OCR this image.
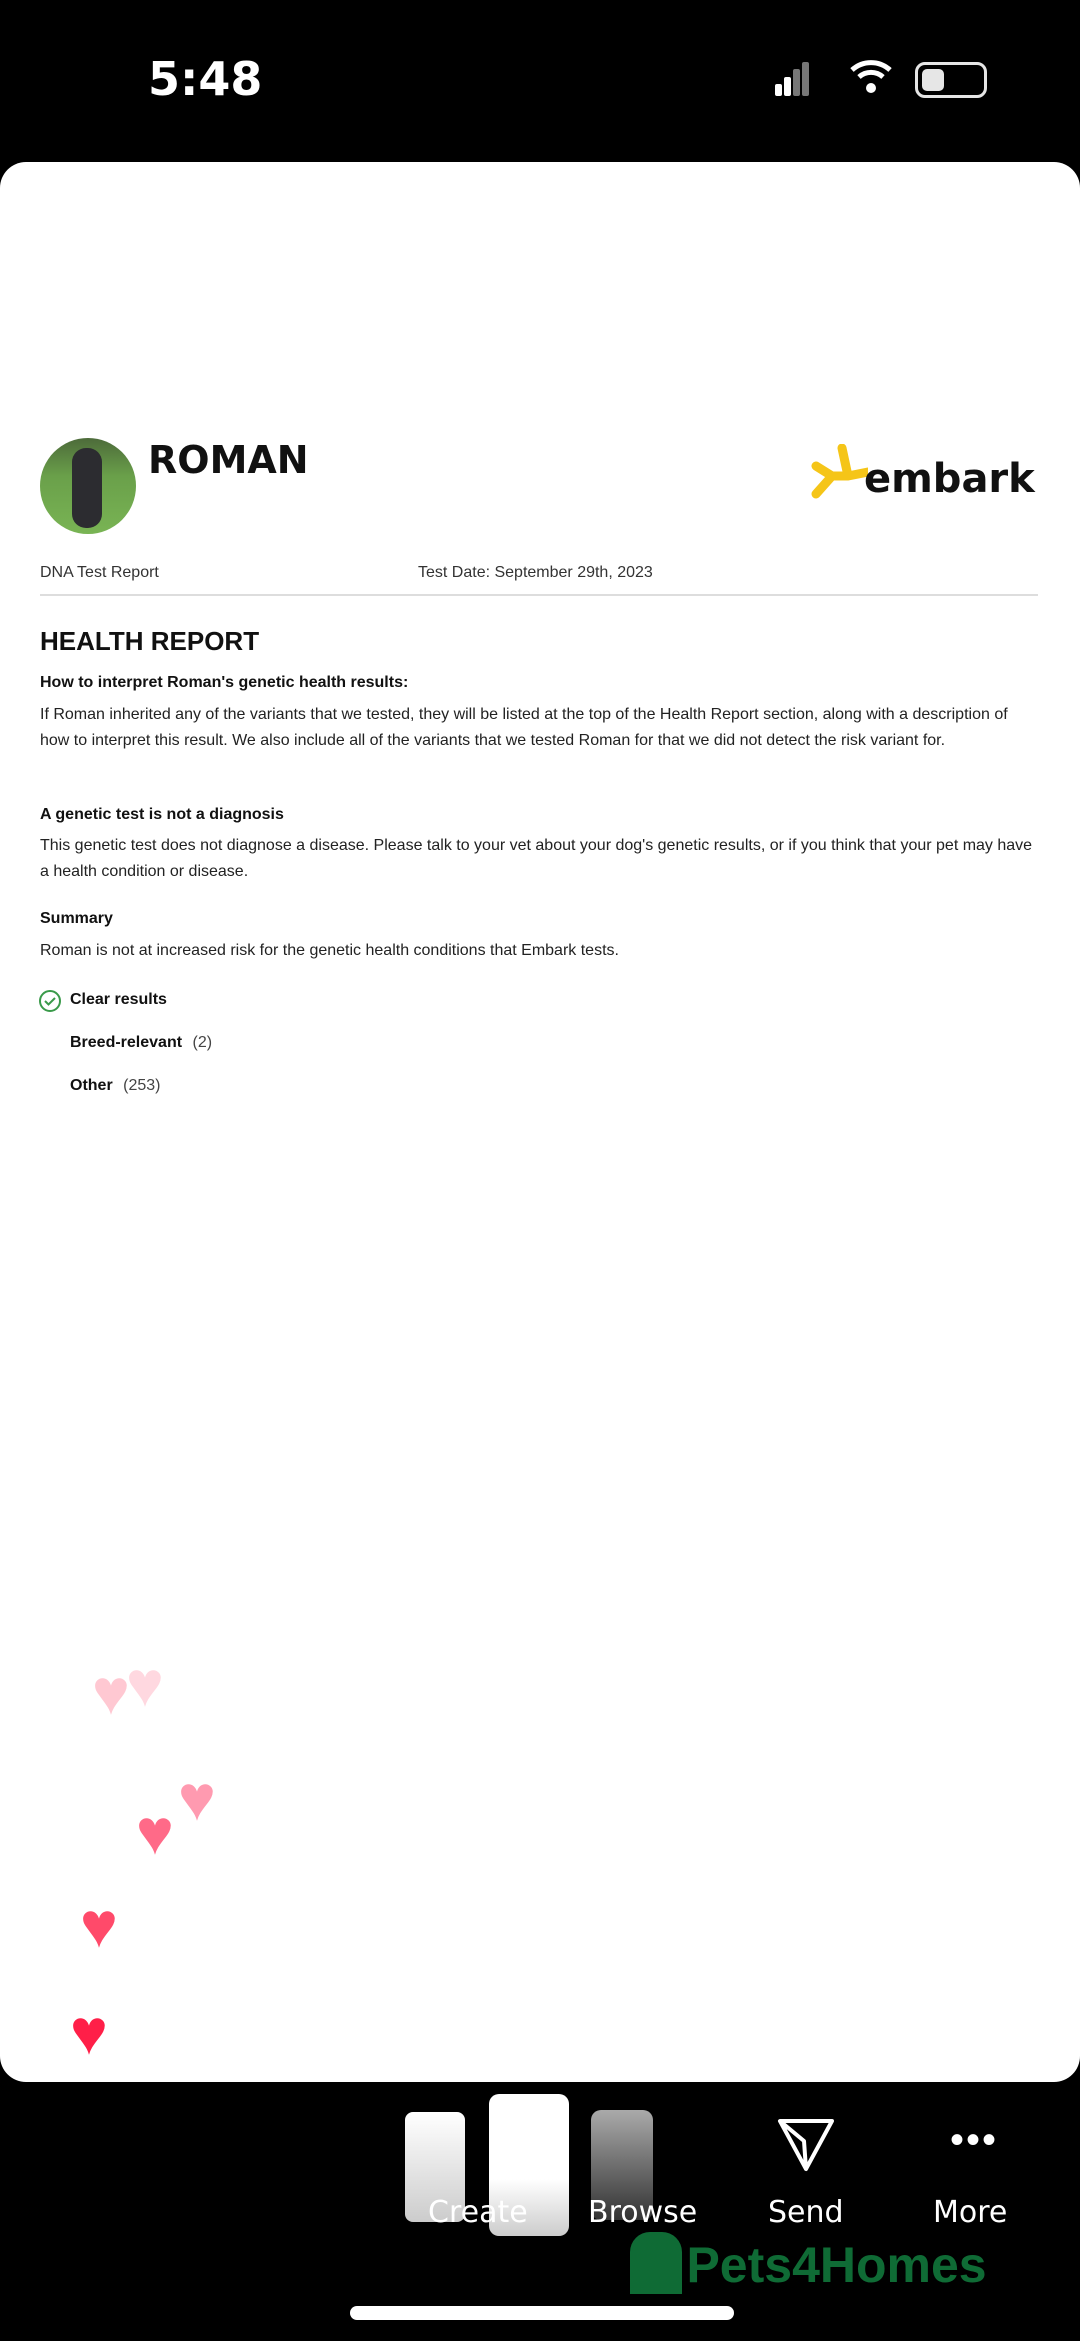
5:48
ROMAN	embark
DNA Test Report	Test Date: September 29th, 2023
HEALTH REPORT
How to interpret Roman's genetic health results:
If Roman inherited any of the variants that we tested, they will be listed at the top of the Health Report section, along with a description of how to interpret this result. We also include all of the variants that we tested Roman for that we did not detect the risk variant for.
A genetic test is not a diagnosis
This genetic test does not diagnose a disease. Please talk to your vet about your dog's genetic results, or if you think that your pet may have a health condition or disease.
Summary
Roman is not at increased risk for the genetic health conditions that Embark tests.
Clear results
Breed-relevant (2)
Other (253)
♥
♥
♥
♥
♥
♥
Create Browse Send
•••
More
Pets4Homes
